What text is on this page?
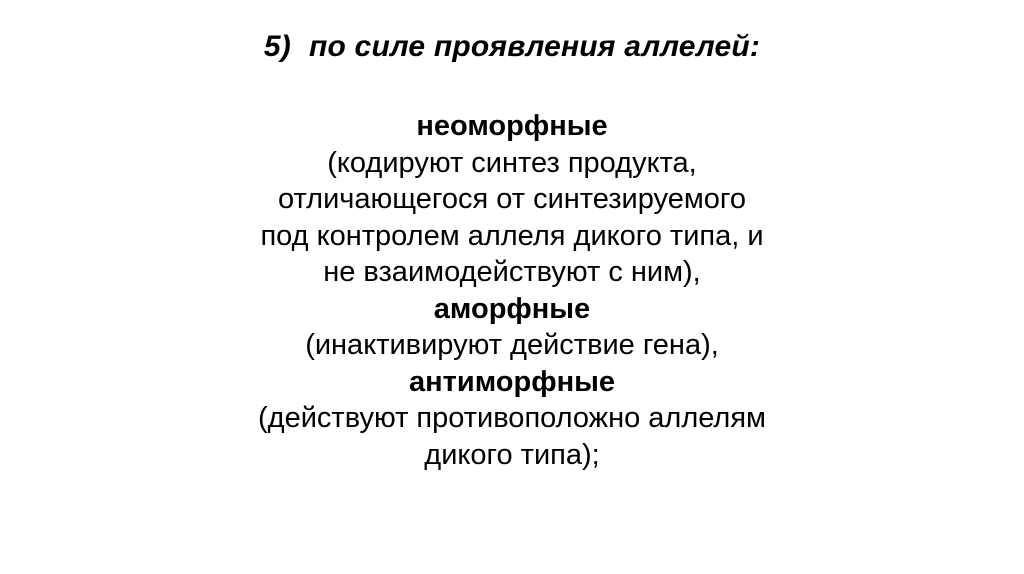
5) по силе проявления аллелей:
неоморфные
(кодируют синтез продукта,
отличающегося от синтезируемого
под контролем аллеля дикого типа, и
не взаимодействуют с ним),
аморфные
(инактивируют действие гена),
антиморфные
(действуют противоположно аллелям
дикого типа);
